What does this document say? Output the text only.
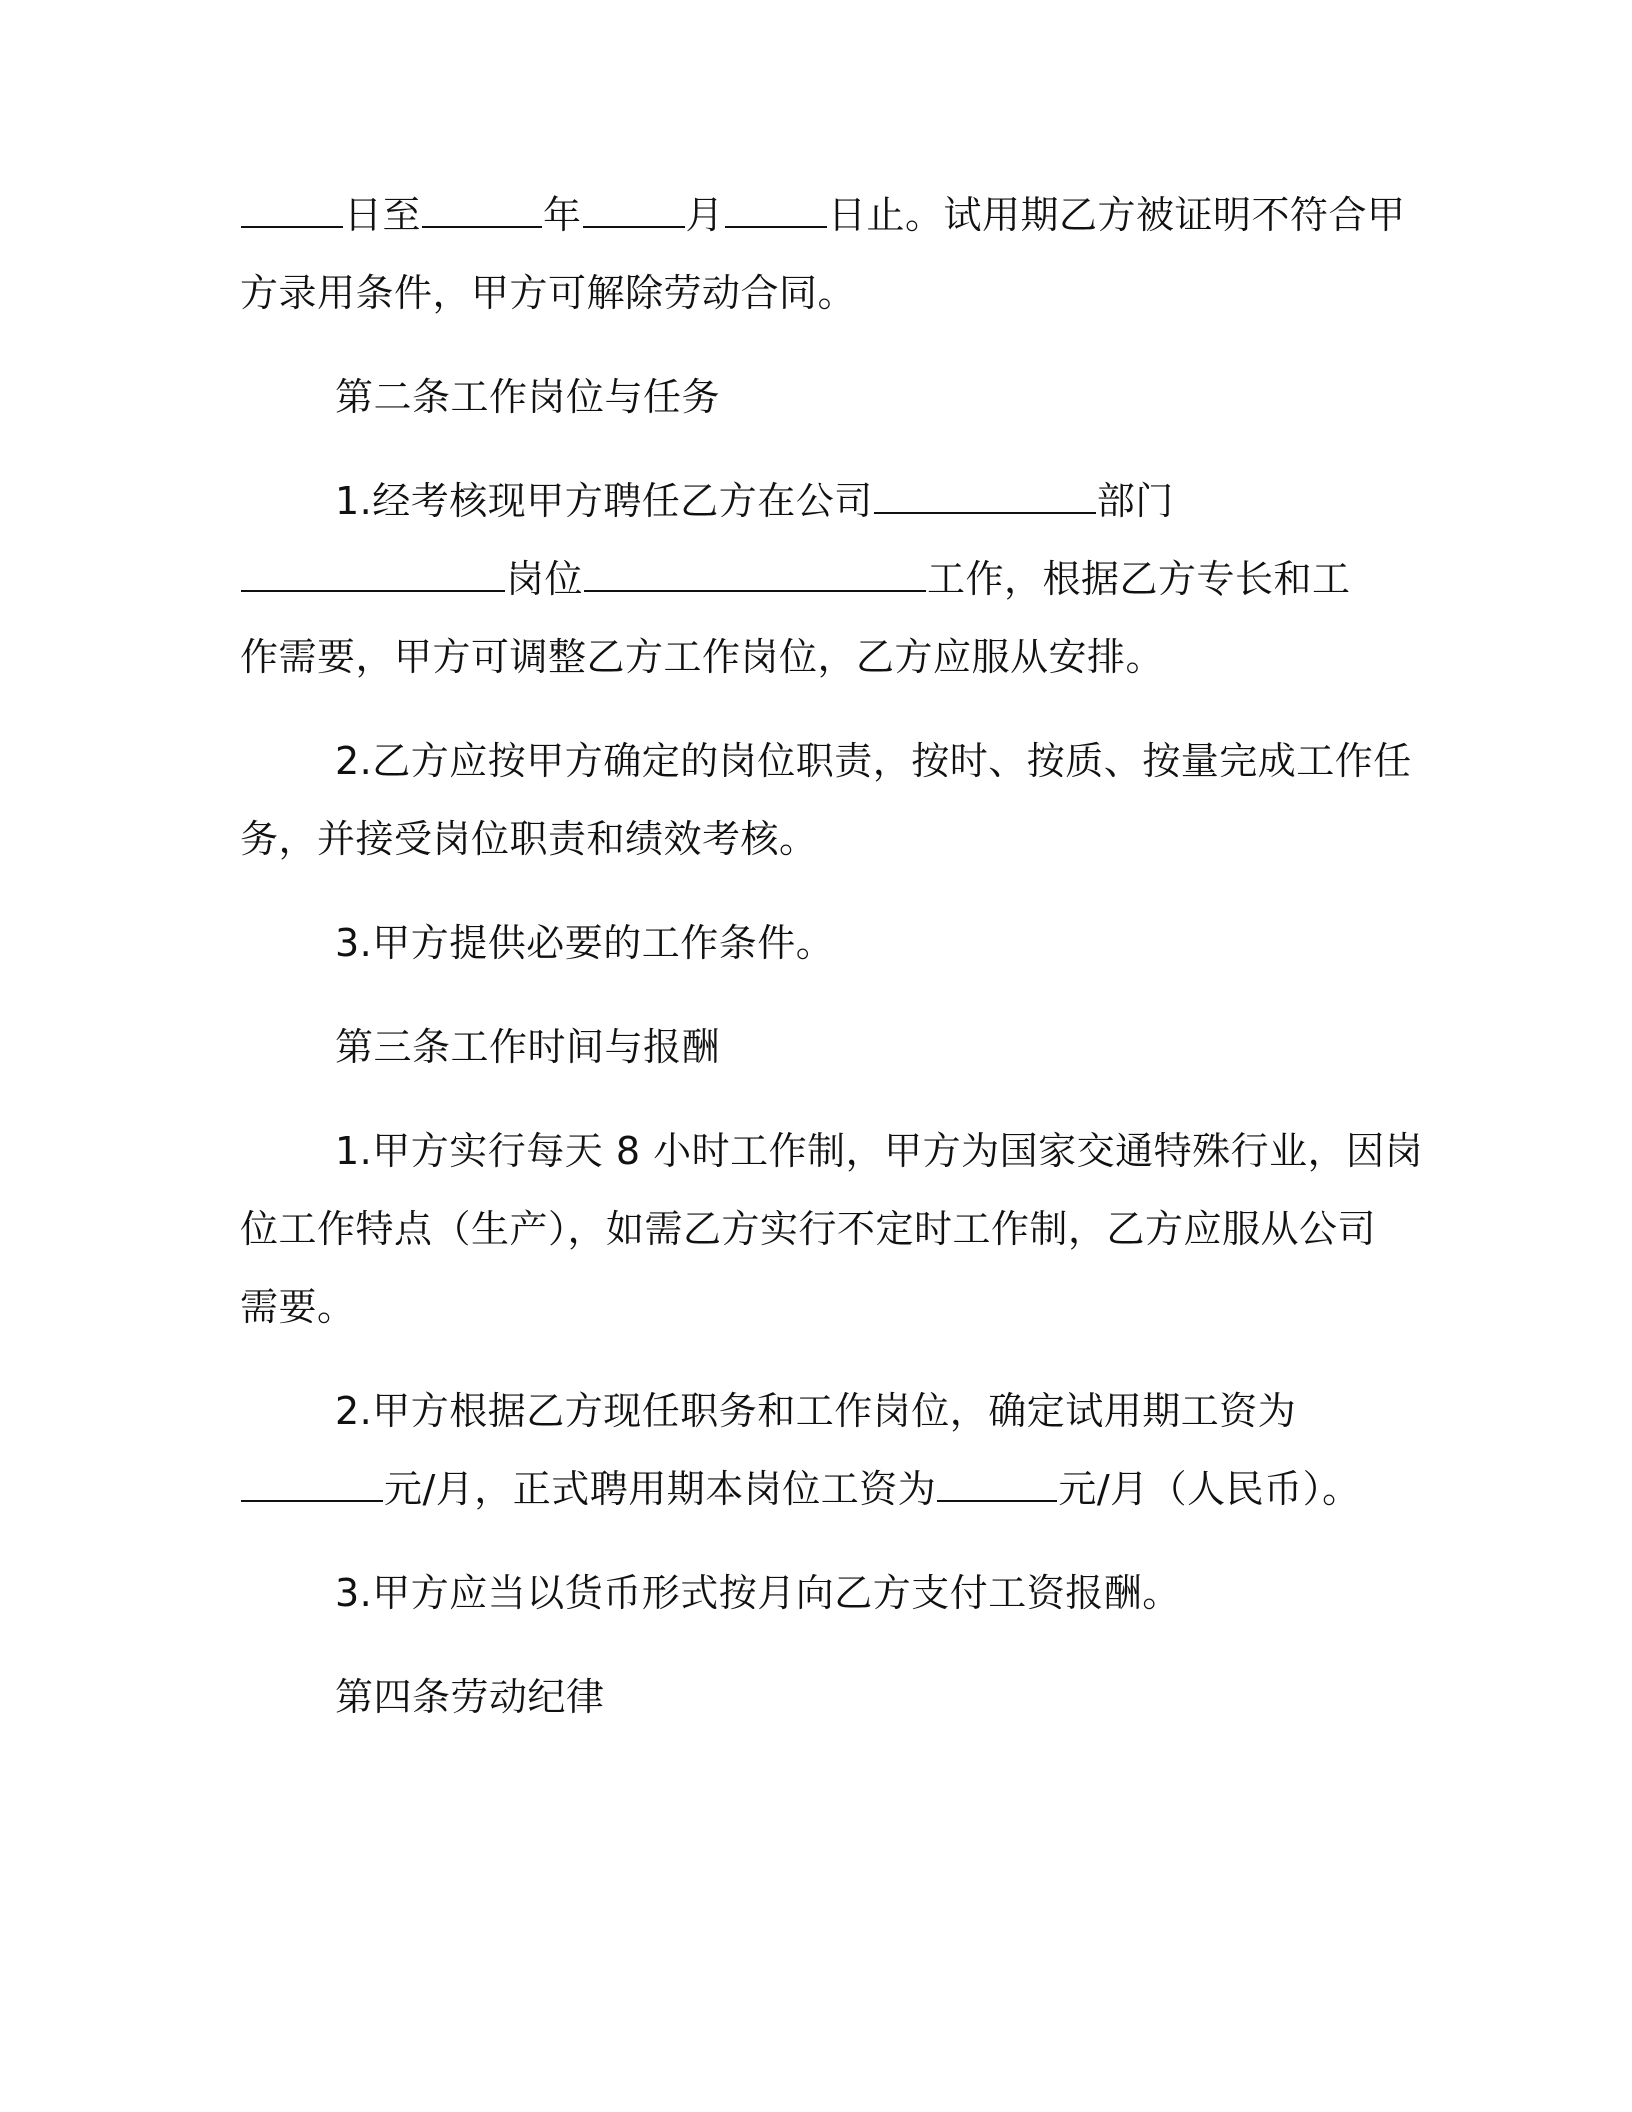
日至	年	月	日止。试用期乙方被证明不符合甲
方录用条件，甲方可解除劳动合同。
第二条工作岗位与任务
1.经考核现甲方聘任乙方在公司	部门
岗位	工作，根据乙方专长和工
作需要，甲方可调整乙方工作岗位，乙方应服从安排。
2.乙方应按甲方确定的岗位职责，按时、按质、按量完成工作任
务，并接受岗位职责和绩效考核。
3.甲方提供必要的工作条件。
第三条工作时间与报酬
1.甲方实行每天 8 小时工作制，甲方为国家交通特殊行业，因岗
位工作特点（生产），如需乙方实行不定时工作制，乙方应服从公司
需要。
2.甲方根据乙方现任职务和工作岗位，确定试用期工资为
元/月，正式聘用期本岗位工资为	元/月（人民币）。
3.甲方应当以货币形式按月向乙方支付工资报酬。
第四条劳动纪律
